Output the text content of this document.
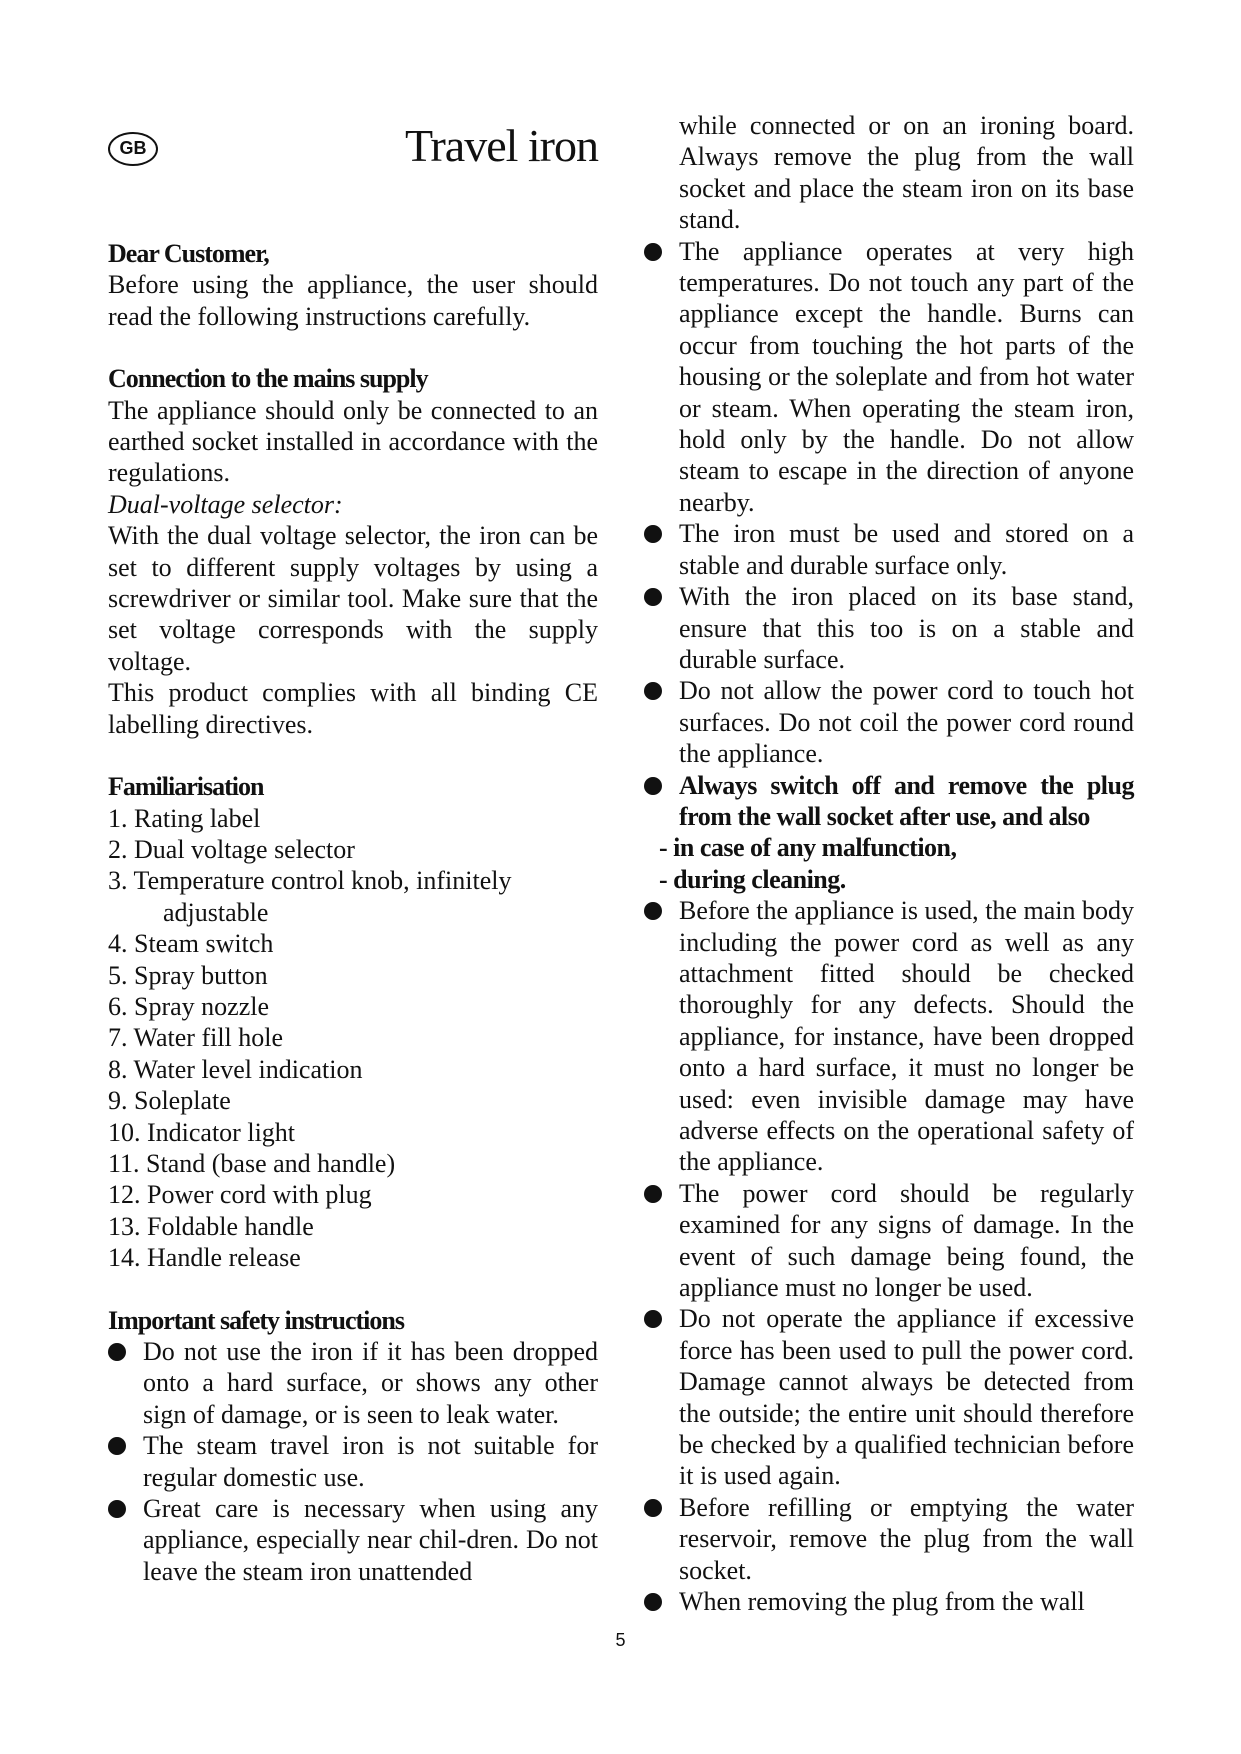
GB	Travel iron

Dear Customer,

Before using the appliance, the user should read the following instructions carefully.

Connection to the mains supply

The appliance should only be connected to an earthed socket installed in accordance with the regulations.

Dual-voltage selector:

With the dual voltage selector, the iron can be set to different supply voltages by using a screwdriver or similar tool. Make sure that the set voltage corresponds with the supply voltage.

This product complies with all binding CE labelling directives.

Familiarisation

1. Rating label

2. Dual voltage selector

3. Temperature control knob, infinitely

adjustable

4. Steam switch

5. Spray button

6. Spray nozzle

7. Water fill hole

8. Water level indication

9. Soleplate

10. Indicator light

11. Stand (base and handle)

12. Power cord with plug

13. Foldable handle

14. Handle release

Important safety instructions

Do not use the iron if it has been dropped onto a hard surface, or shows any other sign of damage, or is seen to leak water.

The steam travel iron is not suitable for regular domestic use.

Great care is necessary when using any appliance, especially near chil-dren. Do not leave the steam iron unattended

while connected or on an ironing board. Always remove the plug from the wall socket and place the steam iron on its base stand.

The appliance operates at very high temperatures. Do not touch any part of the appliance except the handle. Burns can occur from touching the hot parts of the housing or the soleplate and from hot water or steam. When operating the steam iron, hold only by the handle. Do not allow steam to escape in the direction of anyone nearby.

The iron must be used and stored on a stable and durable surface only.

With the iron placed on its base stand, ensure that this too is on a stable and durable surface.

Do not allow the power cord to touch hot surfaces. Do not coil the power cord round the appliance.

Always switch off and remove the plug from the wall socket after use, and also

- in case of any malfunction,

- during cleaning.

Before the appliance is used, the main body including the power cord as well as any attachment fitted should be checked thoroughly for any defects. Should the appliance, for instance, have been dropped onto a hard surface, it must no longer be used: even invisible damage may have adverse effects on the operational safety of the appliance.

The power cord should be regularly examined for any signs of damage. In the event of such damage being found, the appliance must no longer be used.

Do not operate the appliance if excessive force has been used to pull the power cord. Damage cannot always be detected from the outside; the entire unit should therefore be checked by a qualified technician before it is used again.

Before refilling or emptying the water reservoir, remove the plug from the wall socket.

When removing the plug from the wall

5
